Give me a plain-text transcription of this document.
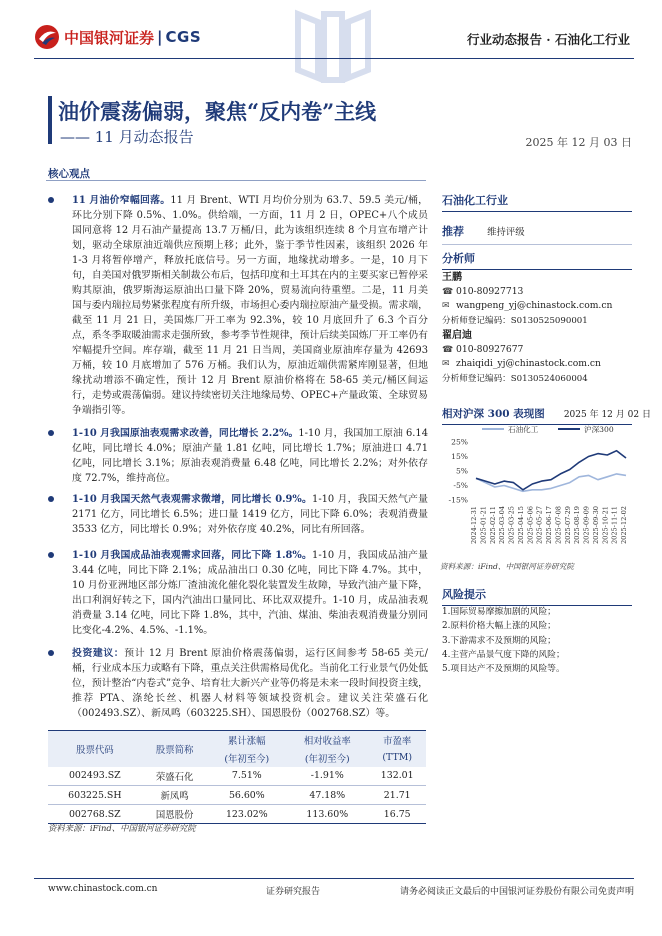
中国银河证券 | CGS	行业动态报告 · 石油化工行业
油价震荡偏弱，聚焦“反内卷”主线
—— 11 月动态报告	2025 年 12 月 03 日
核心观点
11 月油价窄幅回落。11 月 Brent、WTI 月均价分别为 63.7、59.5 美元/桶，环比分别下降 0.5%、1.0%。供给端，一方面，11 月 2 日，OPEC+八个成员国同意将 12 月石油产量提高 13.7 万桶/日，此为该组织连续 8 个月宣布增产计划，驱动全球原油近端供应预期上移；此外，鉴于季节性因素，该组织 2026 年 1-3 月将暂停增产，释放托底信号。另一方面，地缘扰动增多。一是，10 月下旬，自美国对俄罗斯相关制裁公布后，包括印度和土耳其在内的主要买家已暂停采购其原油，俄罗斯海运原油出口量下降 20%，贸易流向待重塑。二是，11 月美国与委内瑞拉局势紧张程度有所升级，市场担心委内瑞拉原油产量受损。需求端，截至 11 月 21 日，美国炼厂开工率为 92.3%，较 10 月底回升了 6.3 个百分点，系冬季取暖油需求走强所致，参考季节性规律，预计后续美国炼厂开工率仍有窄幅提升空间。库存端，截至 11 月 21 日当周，美国商业原油库存量为 42693 万桶，较 10 月底增加了 576 万桶。我们认为，原油近端供需紧库刚显著，但地缘扰动增添不确定性，预计 12 月 Brent 原油价格将在 58-65 美元/桶区间运行，走势或震荡偏弱。建议持续密切关注地缘局势、OPEC+产量政策、全球贸易争端指引等。
1-10 月我国原油表观需求改善，同比增长 2.2%。1-10 月，我国加工原油 6.14 亿吨，同比增长 4.0%；原油产量 1.81 亿吨，同比增长 1.7%；原油进口 4.71 亿吨，同比增长 3.1%；原油表观消费量 6.48 亿吨，同比增长 2.2%；对外依存度 72.7%，维持高位。
1-10 月我国天然气表观需求微增，同比增长 0.9%。1-10 月，我国天然气产量 2171 亿方，同比增长 6.5%；进口量 1419 亿方，同比下降 6.0%；表观消费量 3533 亿方，同比增长 0.9%；对外依存度 40.2%，同比有所回落。
1-10 月我国成品油表观需求回落，同比下降 1.8%。1-10 月，我国成品油产量 3.44 亿吨，同比下降 2.1%；成品油出口 0.30 亿吨，同比下降 4.7%。其中，10 月份亚洲地区部分炼厂渣油流化催化裂化装置发生故障，导致汽油产量下降，出口利润好转之下，国内汽油出口量同比、环比双双提升。1-10 月，成品油表观消费量 3.14 亿吨，同比下降 1.8%，其中，汽油、煤油、柴油表观消费量分别同比变化-4.2%、4.5%、-1.1%。
投资建议：预计 12 月 Brent 原油价格震荡偏弱，运行区间参考 58-65 美元/桶，行业成本压力或略有下降，重点关注供需格局优化。当前化工行业景气仍处低位，预计整治“内卷式”竞争、培育壮大新兴产业等仍将是未来一段时间投资主线，推荐 PTA、涤纶长丝、机器人材料等领域投资机会。建议关注荣盛石化（002493.SZ）、新凤鸣（603225.SH）、国恩股份（002768.SZ）等。
股票代码	股票简称	累计涨幅	相对收益率	市盈率
		(年初至今)	(年初至今)	(TTM)
002493.SZ	荣盛石化	7.51%	-1.91%	132.01
603225.SH	新凤鸣	56.60%	47.18%	21.71
002768.SZ	国恩股份	123.02%	113.60%	16.75
资料来源：iFind、中国银河证券研究院
石油化工行业
推荐 维持评级
分析师
王鹏
☎ 010-80927713
✉ wangpeng_yj@chinastock.com.cn
分析师登记编码：S0130525090001
翟启迪
☎ 010-80927677
✉ zhaiqidi_yj@chinastock.com.cn
分析师登记编码：S0130524060004
相对沪深 300 表现图 2025 年 12 月 02 日
石油化工	沪深300
25%
15%
5%
-5%
-15%
2024-12-31 2025-01-21 2025-02-11 2025-03-04 2025-03-25 2025-04-15 2025-05-06 2025-05-27 2025-06-17 2025-07-08 2025-07-29 2025-08-19 2025-09-09 2025-09-30 2025-10-21 2025-11-11 2025-12-02
资料来源：iFind、中国银河证券研究院
风险提示
1.国际贸易摩擦加剧的风险；
2.原料价格大幅上涨的风险；
3.下游需求不及预期的风险；
4.主营产品景气度下降的风险；
5.项目达产不及预期的风险等。
www.chinastock.com.cn	证券研究报告	请务必阅读正文最后的中国银河证券股份有限公司免责声明
